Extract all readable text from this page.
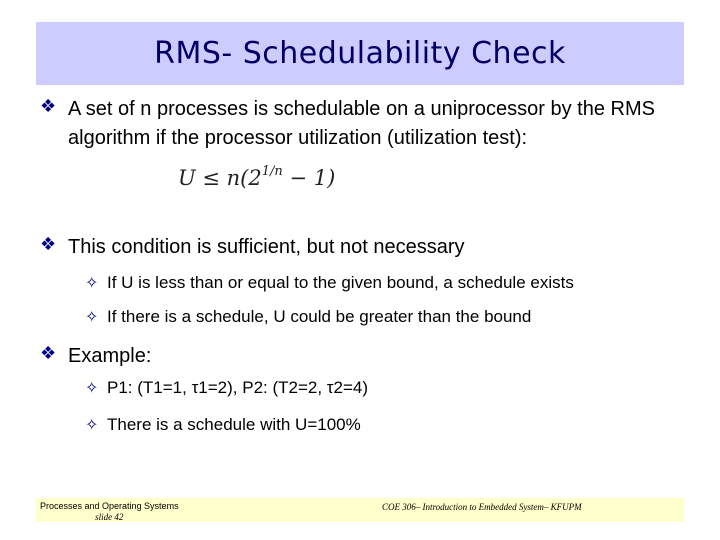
RMS- Schedulability Check
❖ A set of n processes is schedulable on a uniprocessor by the RMS algorithm if the processor utilization (utilization test):
$U \le n(2^{1/n} - 1)$
❖ This condition is sufficient, but not necessary
✧ If U is less than or equal to the given bound, a schedule exists
✧ If there is a schedule, U could be greater than the bound
❖ Example:
✧ P1: (T1=1, τ1=2), P2: (T2=2, τ2=4)
✧ There is a schedule with U=100%
Processes and Operating Systems
slide 42
COE 306– Introduction to Embedded System– KFUPM
